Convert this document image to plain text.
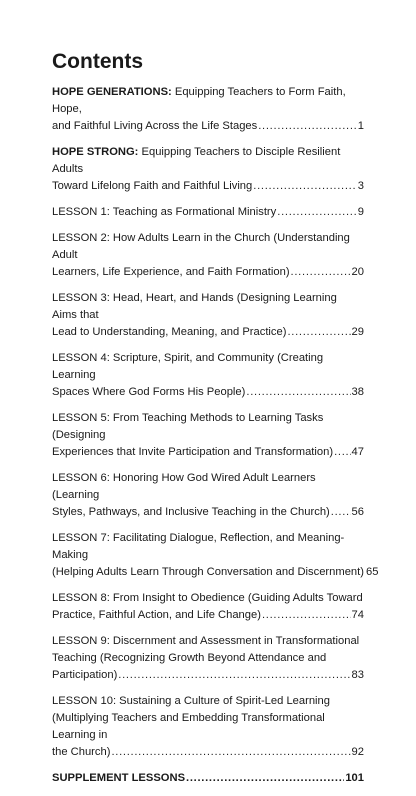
Contents
HOPE GENERATIONS: Equipping Teachers to Form Faith, Hope,
and Faithful Living Across the Life Stages . . .	1
HOPE STRONG: Equipping Teachers to Disciple Resilient Adults
Toward Lifelong Faith and Faithful Living . . .	3
LESSON 1: Teaching as Formational Ministry . . .	9
LESSON 2: How Adults Learn in the Church (Understanding Adult
Learners, Life Experience, and Faith Formation) . . .	20
LESSON 3: Head, Heart, and Hands (Designing Learning Aims that
Lead to Understanding, Meaning, and Practice) . . .	29
LESSON 4: Scripture, Spirit, and Community (Creating Learning
Spaces Where God Forms His People) . . .	38
LESSON 5: From Teaching Methods to Learning Tasks (Designing
Experiences that Invite Participation and Transformation) . . . 47
LESSON 6: Honoring How God Wired Adult Learners (Learning
Styles, Pathways, and Inclusive Teaching in the Church) . . . 56
LESSON 7: Facilitating Dialogue, Reflection, and Meaning-Making
(Helping Adults Learn Through Conversation and Discernment) 65
LESSON 8: From Insight to Obedience (Guiding Adults Toward
Practice, Faithful Action, and Life Change) . . .	74
LESSON 9: Discernment and Assessment in Transformational
Teaching (Recognizing Growth Beyond Attendance and
Participation) . . .	83
LESSON 10: Sustaining a Culture of Spirit-Led Learning
(Multiplying Teachers and Embedding Transformational Learning in
the Church) . . .	92
SUPPLEMENT LESSONS . . .	101
